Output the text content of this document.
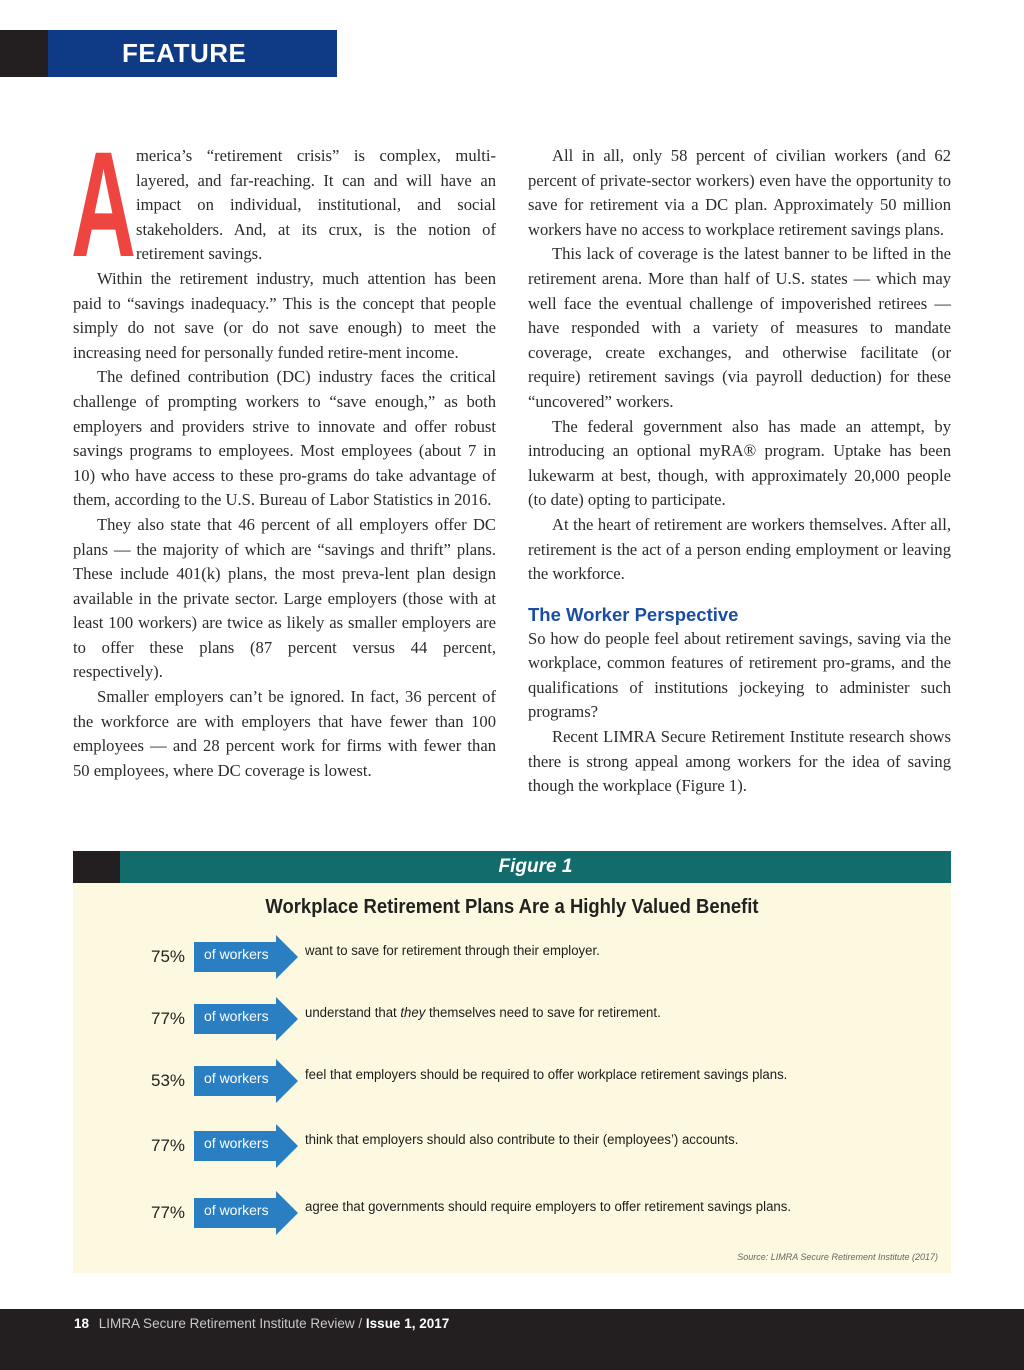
FEATURE

America’s “retirement crisis” is complex, multi-layered, and far-reaching. It can and will have an impact on individual, institutional, and social stakeholders. And, at its crux, is the notion of retirement savings.

Within the retirement industry, much attention has been paid to “savings inadequacy.” This is the concept that people simply do not save (or do not save enough) to meet the increasing need for personally funded retire-ment income.

The defined contribution (DC) industry faces the critical challenge of prompting workers to “save enough,” as both employers and providers strive to innovate and offer robust savings programs to employees. Most employees (about 7 in 10) who have access to these pro-grams do take advantage of them, according to the U.S. Bureau of Labor Statistics in 2016.

They also state that 46 percent of all employers offer DC plans — the majority of which are “savings and thrift” plans. These include 401(k) plans, the most preva-lent plan design available in the private sector. Large employers (those with at least 100 workers) are twice as likely as smaller employers are to offer these plans (87 percent versus 44 percent, respectively).

Smaller employers can’t be ignored. In fact, 36 percent of the workforce are with employers that have fewer than 100 employees — and 28 percent work for firms with fewer than 50 employees, where DC coverage is lowest.

All in all, only 58 percent of civilian workers (and 62 percent of private-sector workers) even have the opportunity to save for retirement via a DC plan. Approximately 50 million workers have no access to workplace retirement savings plans.

This lack of coverage is the latest banner to be lifted in the retirement arena. More than half of U.S. states — which may well face the eventual challenge of impoverished retirees — have responded with a variety of measures to mandate coverage, create exchanges, and otherwise facilitate (or require) retirement savings (via payroll deduction) for these “uncovered” workers.

The federal government also has made an attempt, by introducing an optional myRA® program. Uptake has been lukewarm at best, though, with approximately 20,000 people (to date) opting to participate.

At the heart of retirement are workers themselves. After all, retirement is the act of a person ending employment or leaving the workforce.

The Worker Perspective

So how do people feel about retirement savings, saving via the workplace, common features of retirement pro-grams, and the qualifications of institutions jockeying to administer such programs?

Recent LIMRA Secure Retirement Institute research shows there is strong appeal among workers for the idea of saving though the workplace (Figure 1).

Figure 1
Workplace Retirement Plans Are a Highly Valued Benefit
75%	of workers	want to save for retirement through their employer.
77%	of workers	understand that they themselves need to save for retirement.
53%	of workers	feel that employers should be required to offer workplace retirement savings plans.
77%	of workers	think that employers should also contribute to their (employees’) accounts.
77%	of workers	agree that governments should require employers to offer retirement savings plans.
Source: LIMRA Secure Retirement Institute (2017)
18 LIMRA Secure Retirement Institute Review / Issue 1, 2017
